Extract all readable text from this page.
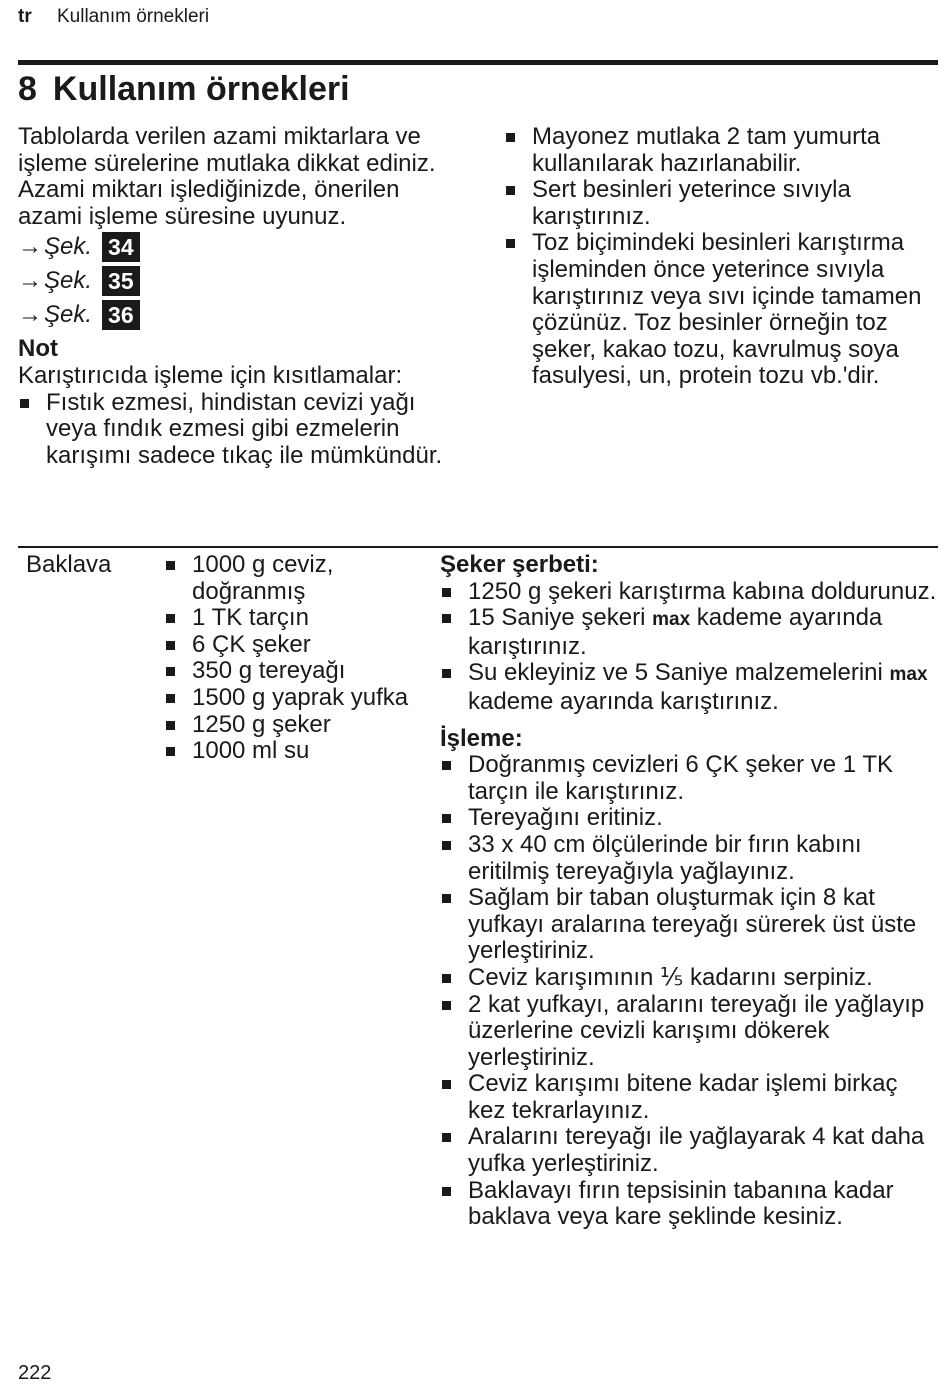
tr Kullanım örnekleri
8 Kullanım örnekleri

Tablolarda verilen azami miktarlara ve işleme sürelerine mutlaka dikkat ediniz. Azami miktarı işlediğinizde, önerilen azami işleme süresine uyunuz.

→ Şek. 34

→ Şek. 35

→ Şek. 36

Not

Karıştırıcıda işleme için kısıtlamalar:

Fıstık ezmesi, hindistan cevizi yağı veya fındık ezmesi gibi ezmelerin karışımı sadece tıkaç ile mümkündür.
Mayonez mutlaka 2 tam yumurta kullanılarak hazırlanabilir.
Sert besinleri yeterince sıvıyla karıştırınız.
Toz biçimindeki besinleri karıştırma işleminden önce yeterince sıvıyla karıştırınız veya sıvı içinde tamamen çözünüz. Toz besinler örneğin toz şeker, kakao tozu, kavrulmuş soya fasulyesi, un, protein tozu vb.'dir.
Baklava	1000 g ceviz, doğranmış
1 TK tarçın
6 ÇK şeker
350 g tereyağı
1500 g yaprak yufka
1250 g şeker
1000 ml su

Şeker şerbeti:

1250 g şekeri karıştırma kabına doldurunuz.
15 Saniye şekeri max kademe ayarında karıştırınız.
Su ekleyiniz ve 5 Saniye malzemelerini max kademe ayarında karıştırınız.

İşleme:

Doğranmış cevizleri 6 ÇK şeker ve 1 TK tarçın ile karıştırınız.
Tereyağını eritiniz.
33 x 40 cm ölçülerinde bir fırın kabını eritilmiş tereyağıyla yağlayınız.
Sağlam bir taban oluşturmak için 8 kat yufkayı aralarına tereyağı sürerek üst üste yerleştiriniz.
Ceviz karışımının ⅕ kadarını serpiniz.
2 kat yufkayı, aralarını tereyağı ile yağlayıp üzerlerine cevizli karışımı dökerek yerleştiriniz.
Ceviz karışımı bitene kadar işlemi birkaç kez tekrarlayınız.
Aralarını tereyağı ile yağlayarak 4 kat daha yufka yerleştiriniz.
Baklavayı fırın tepsisinin tabanına kadar baklava veya kare şeklinde kesiniz.
222
